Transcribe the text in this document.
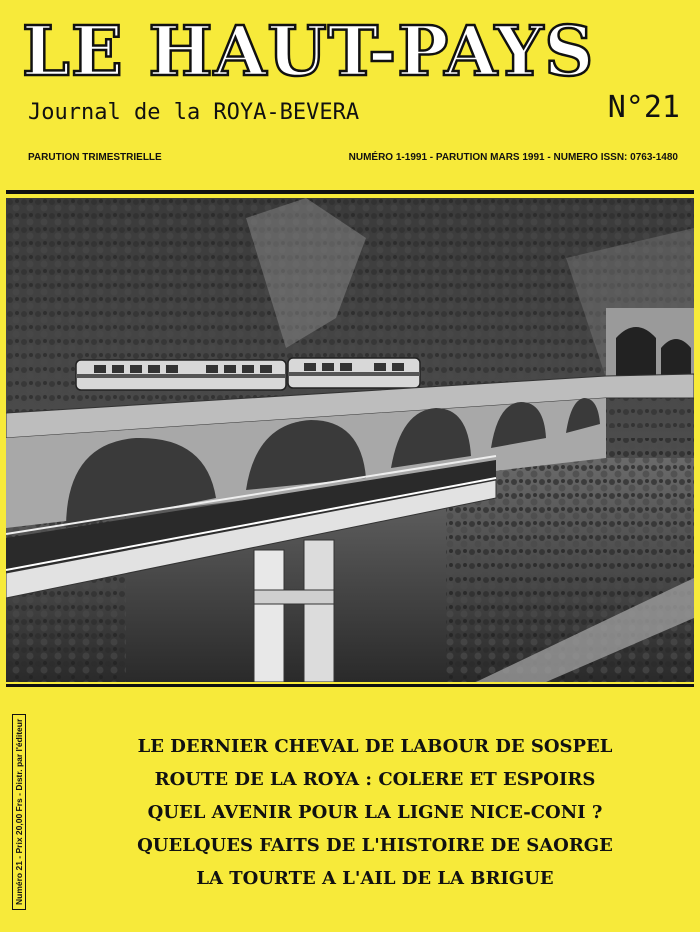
LE HAUT-PAYS
Journal de la ROYA-BEVERA	N°21
PARUTION TRIMESTRIELLE	NUMÉRO 1-1991 - PARUTION MARS 1991 - NUMERO ISSN: 0763-1480
LE DERNIER CHEVAL DE LABOUR DE SOSPEL
ROUTE DE LA ROYA : COLERE ET ESPOIRS
QUEL AVENIR POUR LA LIGNE NICE-CONI ?
QUELQUES FAITS DE L'HISTOIRE DE SAORGE
LA TOURTE A L'AIL DE LA BRIGUE
Numéro 21 - Prix 20,00 Frs - Distr. par l'éditeur
